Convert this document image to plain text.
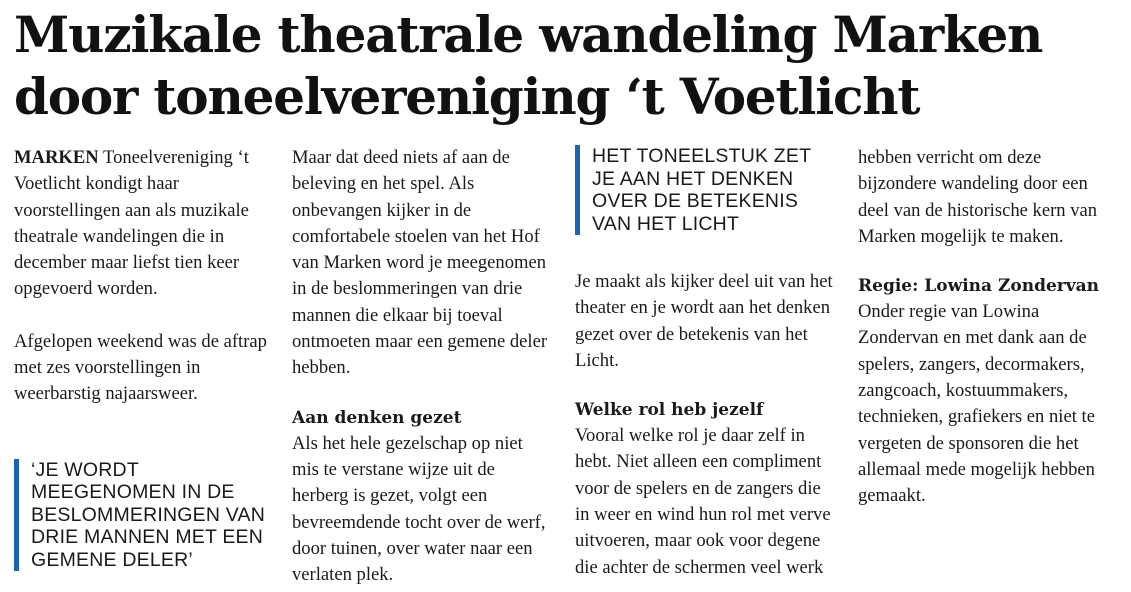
Muzikale theatrale wandeling Marken door toneelvereniging ‘t Voetlicht

MARKEN Toneelvereniging ‘t Voetlicht kondigt haar voorstellingen aan als muzikale theatrale wandelingen die in december maar liefst tien keer opgevoerd worden.

Afgelopen weekend was de aftrap met zes voorstellingen in weerbarstig najaarsweer.

‘JE WORDT MEEGENOMEN IN DE BESLOMMERINGEN VAN DRIE MANNEN MET EEN GEMENE DELER’

Maar dat deed niets af aan de beleving en het spel. Als onbevangen kijker in de comfortabele stoelen van het Hof van Marken word je meegenomen in de beslommeringen van drie mannen die elkaar bij toeval ontmoeten maar een gemene deler hebben.

Aan denken gezet

Als het hele gezelschap op niet mis te verstane wijze uit de herberg is gezet, volgt een bevreemdende tocht over de werf, door tuinen, over water naar een verlaten plek.

HET TONEELSTUK ZET JE AAN HET DENKEN OVER DE BETEKENIS VAN HET LICHT

Je maakt als kijker deel uit van het theater en je wordt aan het denken gezet over de betekenis van het Licht.

Welke rol heb jezelf

Vooral welke rol je daar zelf in hebt. Niet alleen een compliment voor de spelers en de zangers die in weer en wind hun rol met verve uitvoeren, maar ook voor degene die achter de schermen veel werk

hebben verricht om deze bijzondere wandeling door een deel van de historische kern van Marken mogelijk te maken.

Regie: Lowina Zondervan

Onder regie van Lowina Zondervan en met dank aan de spelers, zangers, decormakers, zangcoach, kostuummakers, technieken, grafiekers en niet te vergeten de sponsoren die het allemaal mede mogelijk hebben gemaakt.
